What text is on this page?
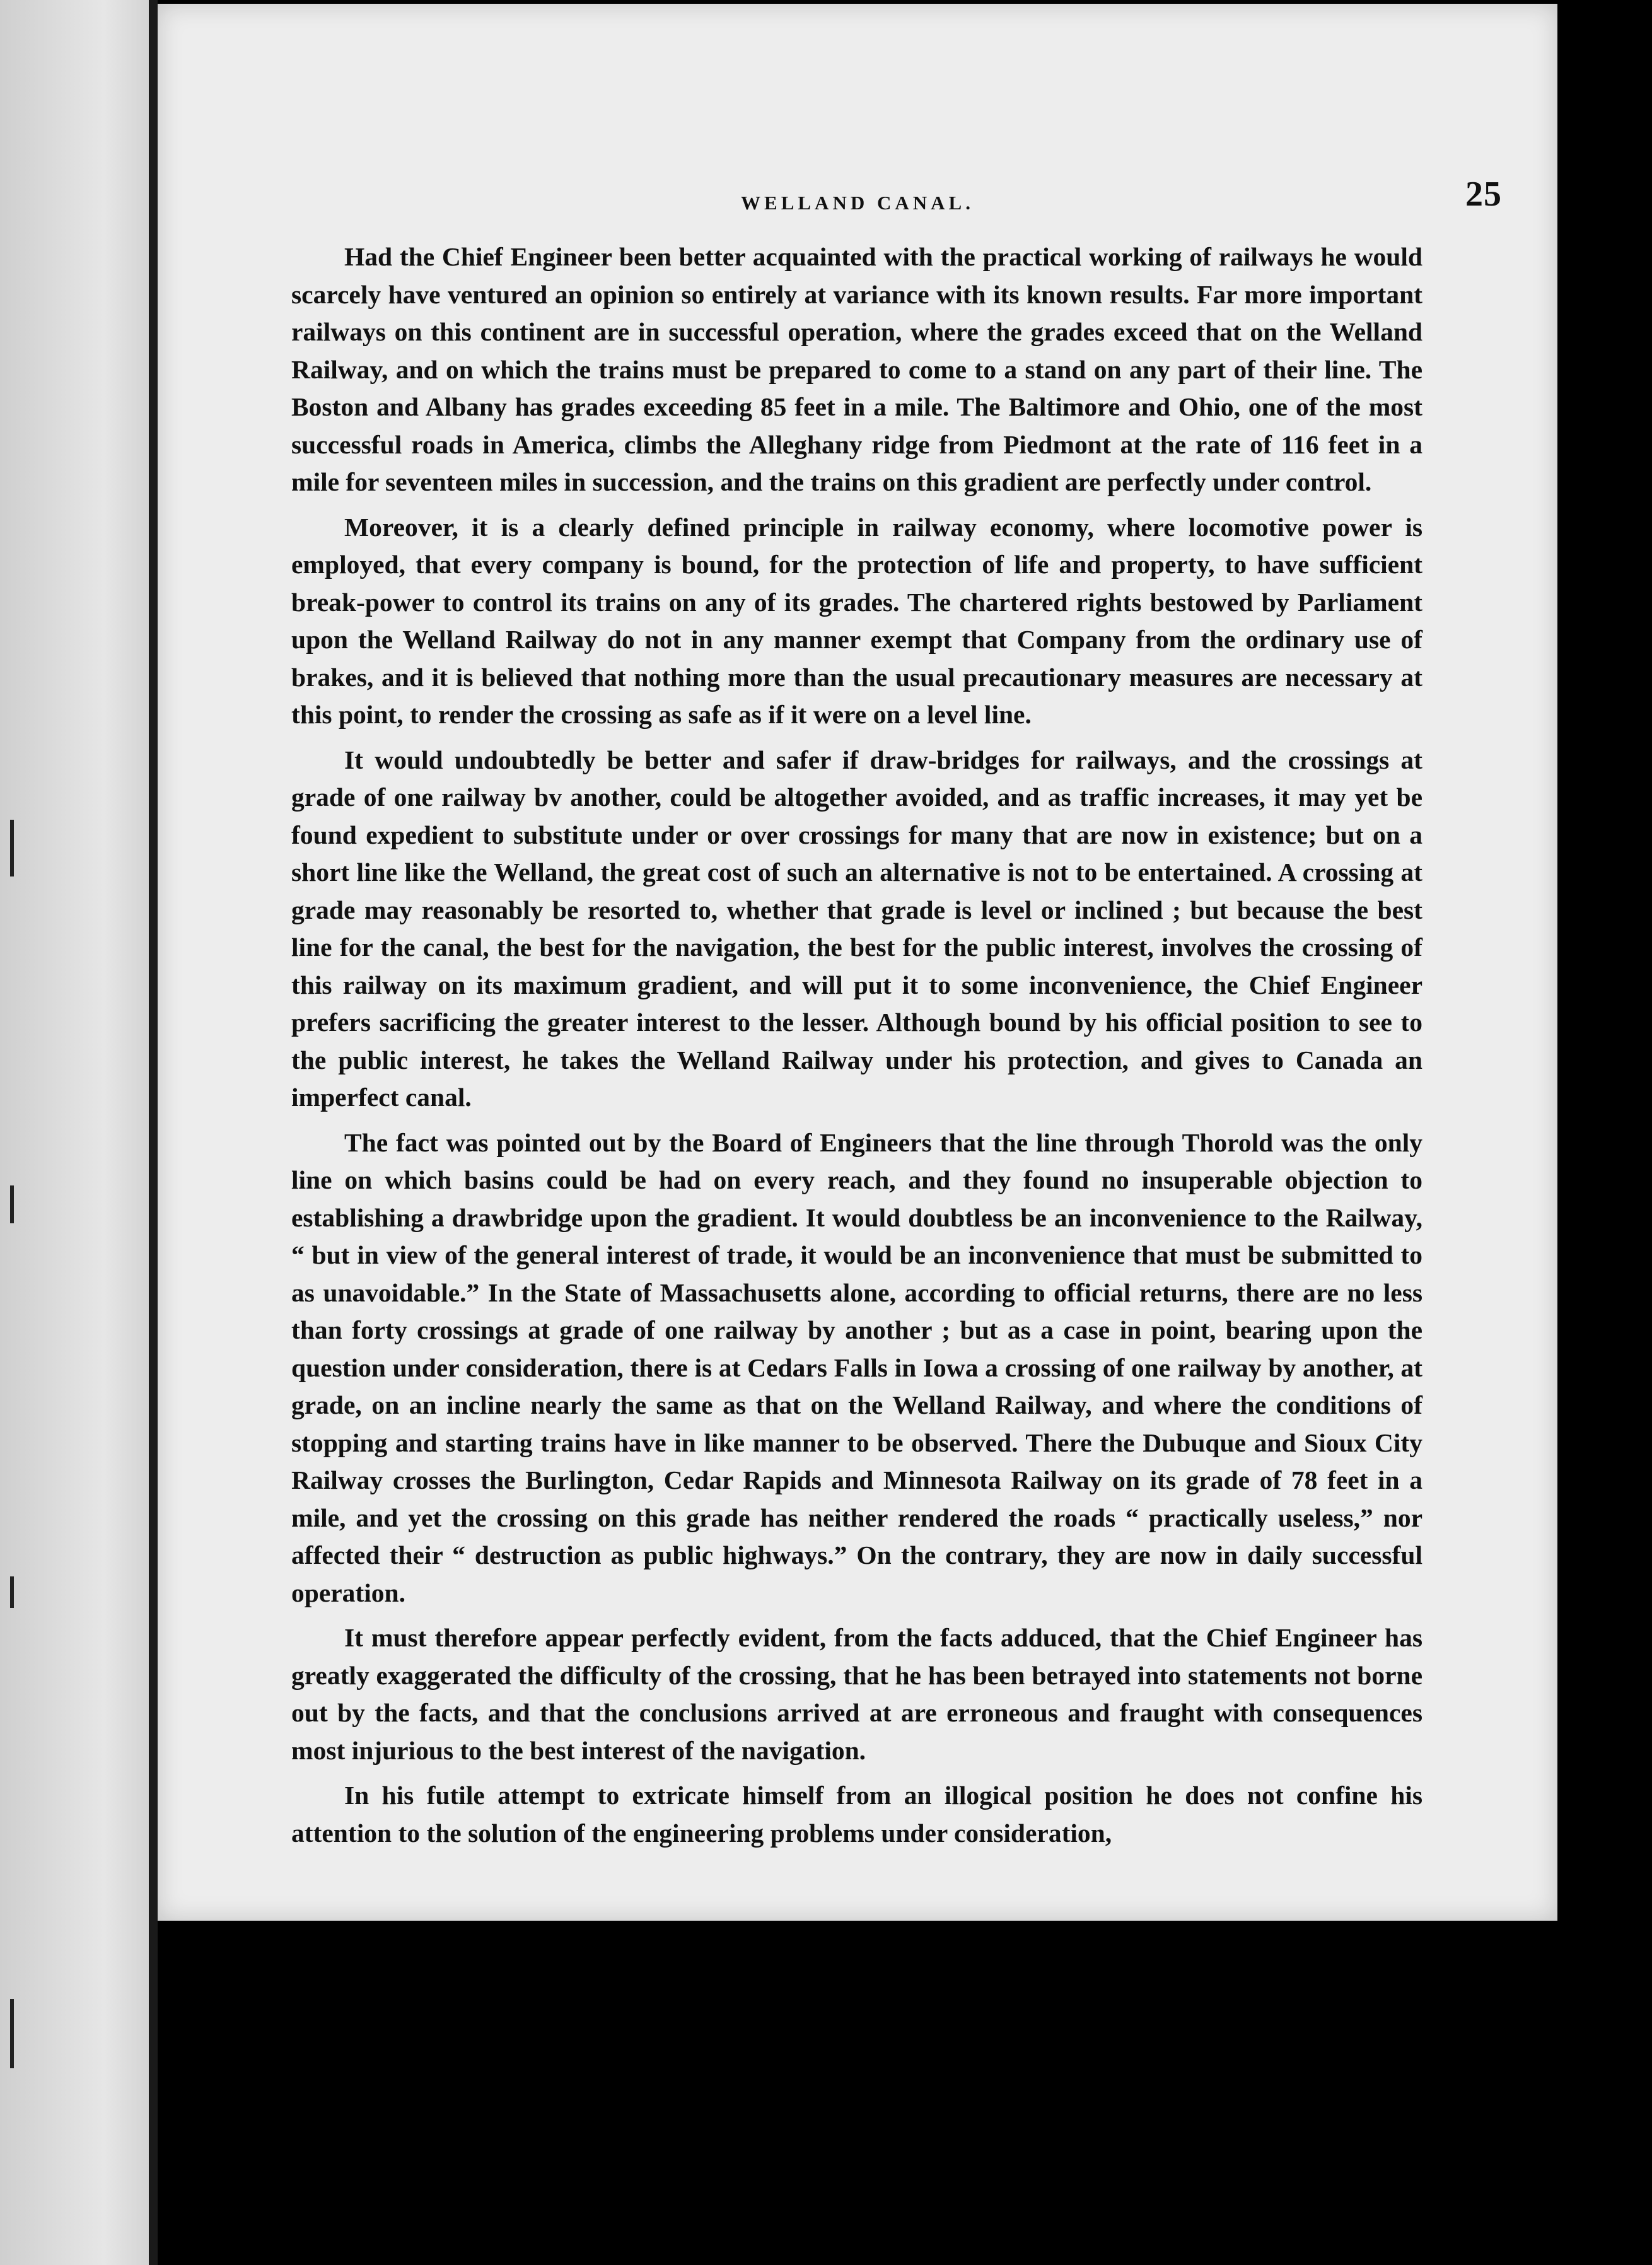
WELLAND CANAL.	25

Had the Chief Engineer been better acquainted with the practical working of railways he would scarcely have ventured an opinion so entirely at variance with its known results. Far more important railways on this continent are in successful operation, where the grades exceed that on the Welland Railway, and on which the trains must be prepared to come to a stand on any part of their line. The Boston and Albany has grades exceeding 85 feet in a mile. The Baltimore and Ohio, one of the most successful roads in America, climbs the Alleghany ridge from Piedmont at the rate of 116 feet in a mile for seventeen miles in succession, and the trains on this gradient are perfectly under control.

Moreover, it is a clearly defined principle in railway economy, where locomotive power is employed, that every company is bound, for the protection of life and property, to have sufficient break-power to control its trains on any of its grades. The chartered rights bestowed by Parliament upon the Welland Railway do not in any manner exempt that Company from the ordinary use of brakes, and it is believed that nothing more than the usual precautionary measures are necessary at this point, to render the crossing as safe as if it were on a level line.

It would undoubtedly be better and safer if draw-bridges for railways, and the crossings at grade of one railway bv another, could be altogether avoided, and as traffic increases, it may yet be found expedient to substitute under or over crossings for many that are now in existence; but on a short line like the Welland, the great cost of such an alternative is not to be entertained. A crossing at grade may reasonably be resorted to, whether that grade is level or inclined ; but because the best line for the canal, the best for the navigation, the best for the public interest, involves the crossing of this railway on its maximum gradient, and will put it to some inconvenience, the Chief Engineer prefers sacrificing the greater interest to the lesser. Although bound by his official position to see to the public interest, he takes the Welland Railway under his protection, and gives to Canada an imperfect canal.

The fact was pointed out by the Board of Engineers that the line through Thorold was the only line on which basins could be had on every reach, and they found no insuperable objection to establishing a drawbridge upon the gradient. It would doubtless be an inconvenience to the Railway, “ but in view of the general interest of trade, it would be an inconvenience that must be submitted to as unavoidable.” In the State of Massachusetts alone, according to official returns, there are no less than forty crossings at grade of one railway by another ; but as a case in point, bearing upon the question under consideration, there is at Cedars Falls in Iowa a crossing of one railway by another, at grade, on an incline nearly the same as that on the Welland Railway, and where the conditions of stopping and starting trains have in like manner to be observed. There the Dubuque and Sioux City Railway crosses the Burlington, Cedar Rapids and Minnesota Railway on its grade of 78 feet in a mile, and yet the crossing on this grade has neither rendered the roads “ practically useless,” nor affected their “ destruction as public highways.” On the contrary, they are now in daily successful operation.

It must therefore appear perfectly evident, from the facts adduced, that the Chief Engineer has greatly exaggerated the difficulty of the crossing, that he has been betrayed into statements not borne out by the facts, and that the conclusions arrived at are erroneous and fraught with consequences most injurious to the best interest of the navigation.

In his futile attempt to extricate himself from an illogical position he does not confine his attention to the solution of the engineering problems under consideration,
